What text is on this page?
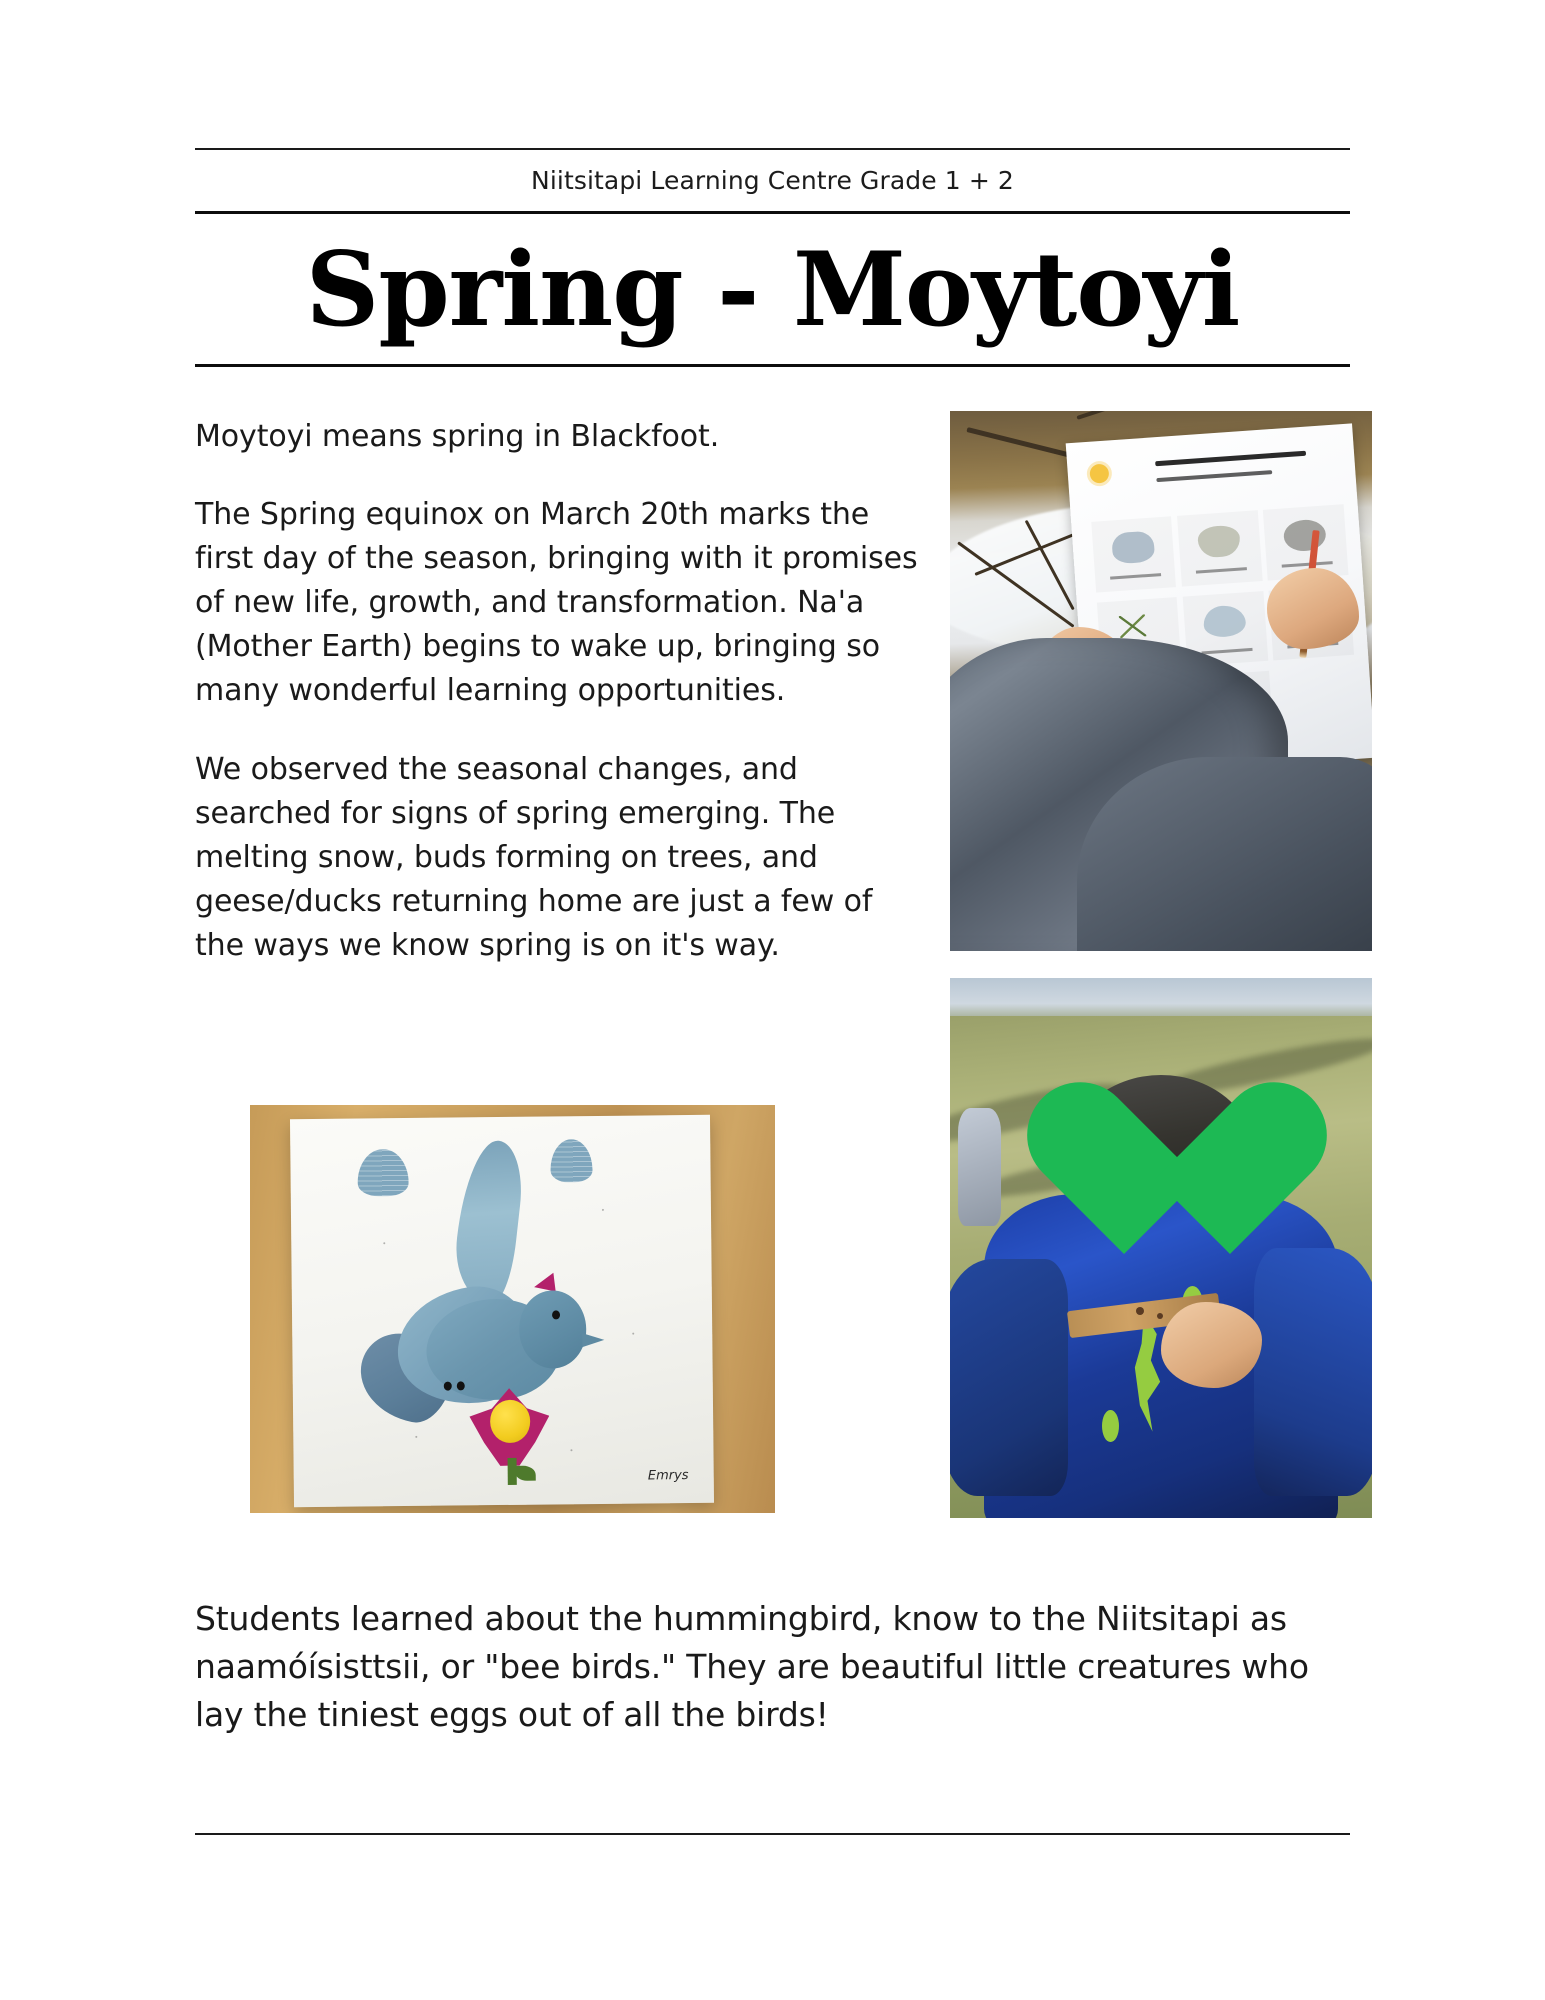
Niitsitapi Learning Centre Grade 1 + 2
Spring - Moytoyi

Moytoyi means spring in Blackfoot.

The Spring equinox on March 20th marks the first day of the season, bringing with it promises of new life, growth, and transformation. Na'a (Mother Earth) begins to wake up, bringing so many wonderful learning opportunities.

We observed the seasonal changes, and searched for signs of spring emerging. The melting snow, buds forming on trees, and geese/ducks returning home are just a few of the ways we know spring is on it's way.

Emrys

Students learned about the hummingbird, know to the Niitsitapi as naamóísisttsii, or "bee birds." They are beautiful little creatures who lay the tiniest eggs out of all the birds!
